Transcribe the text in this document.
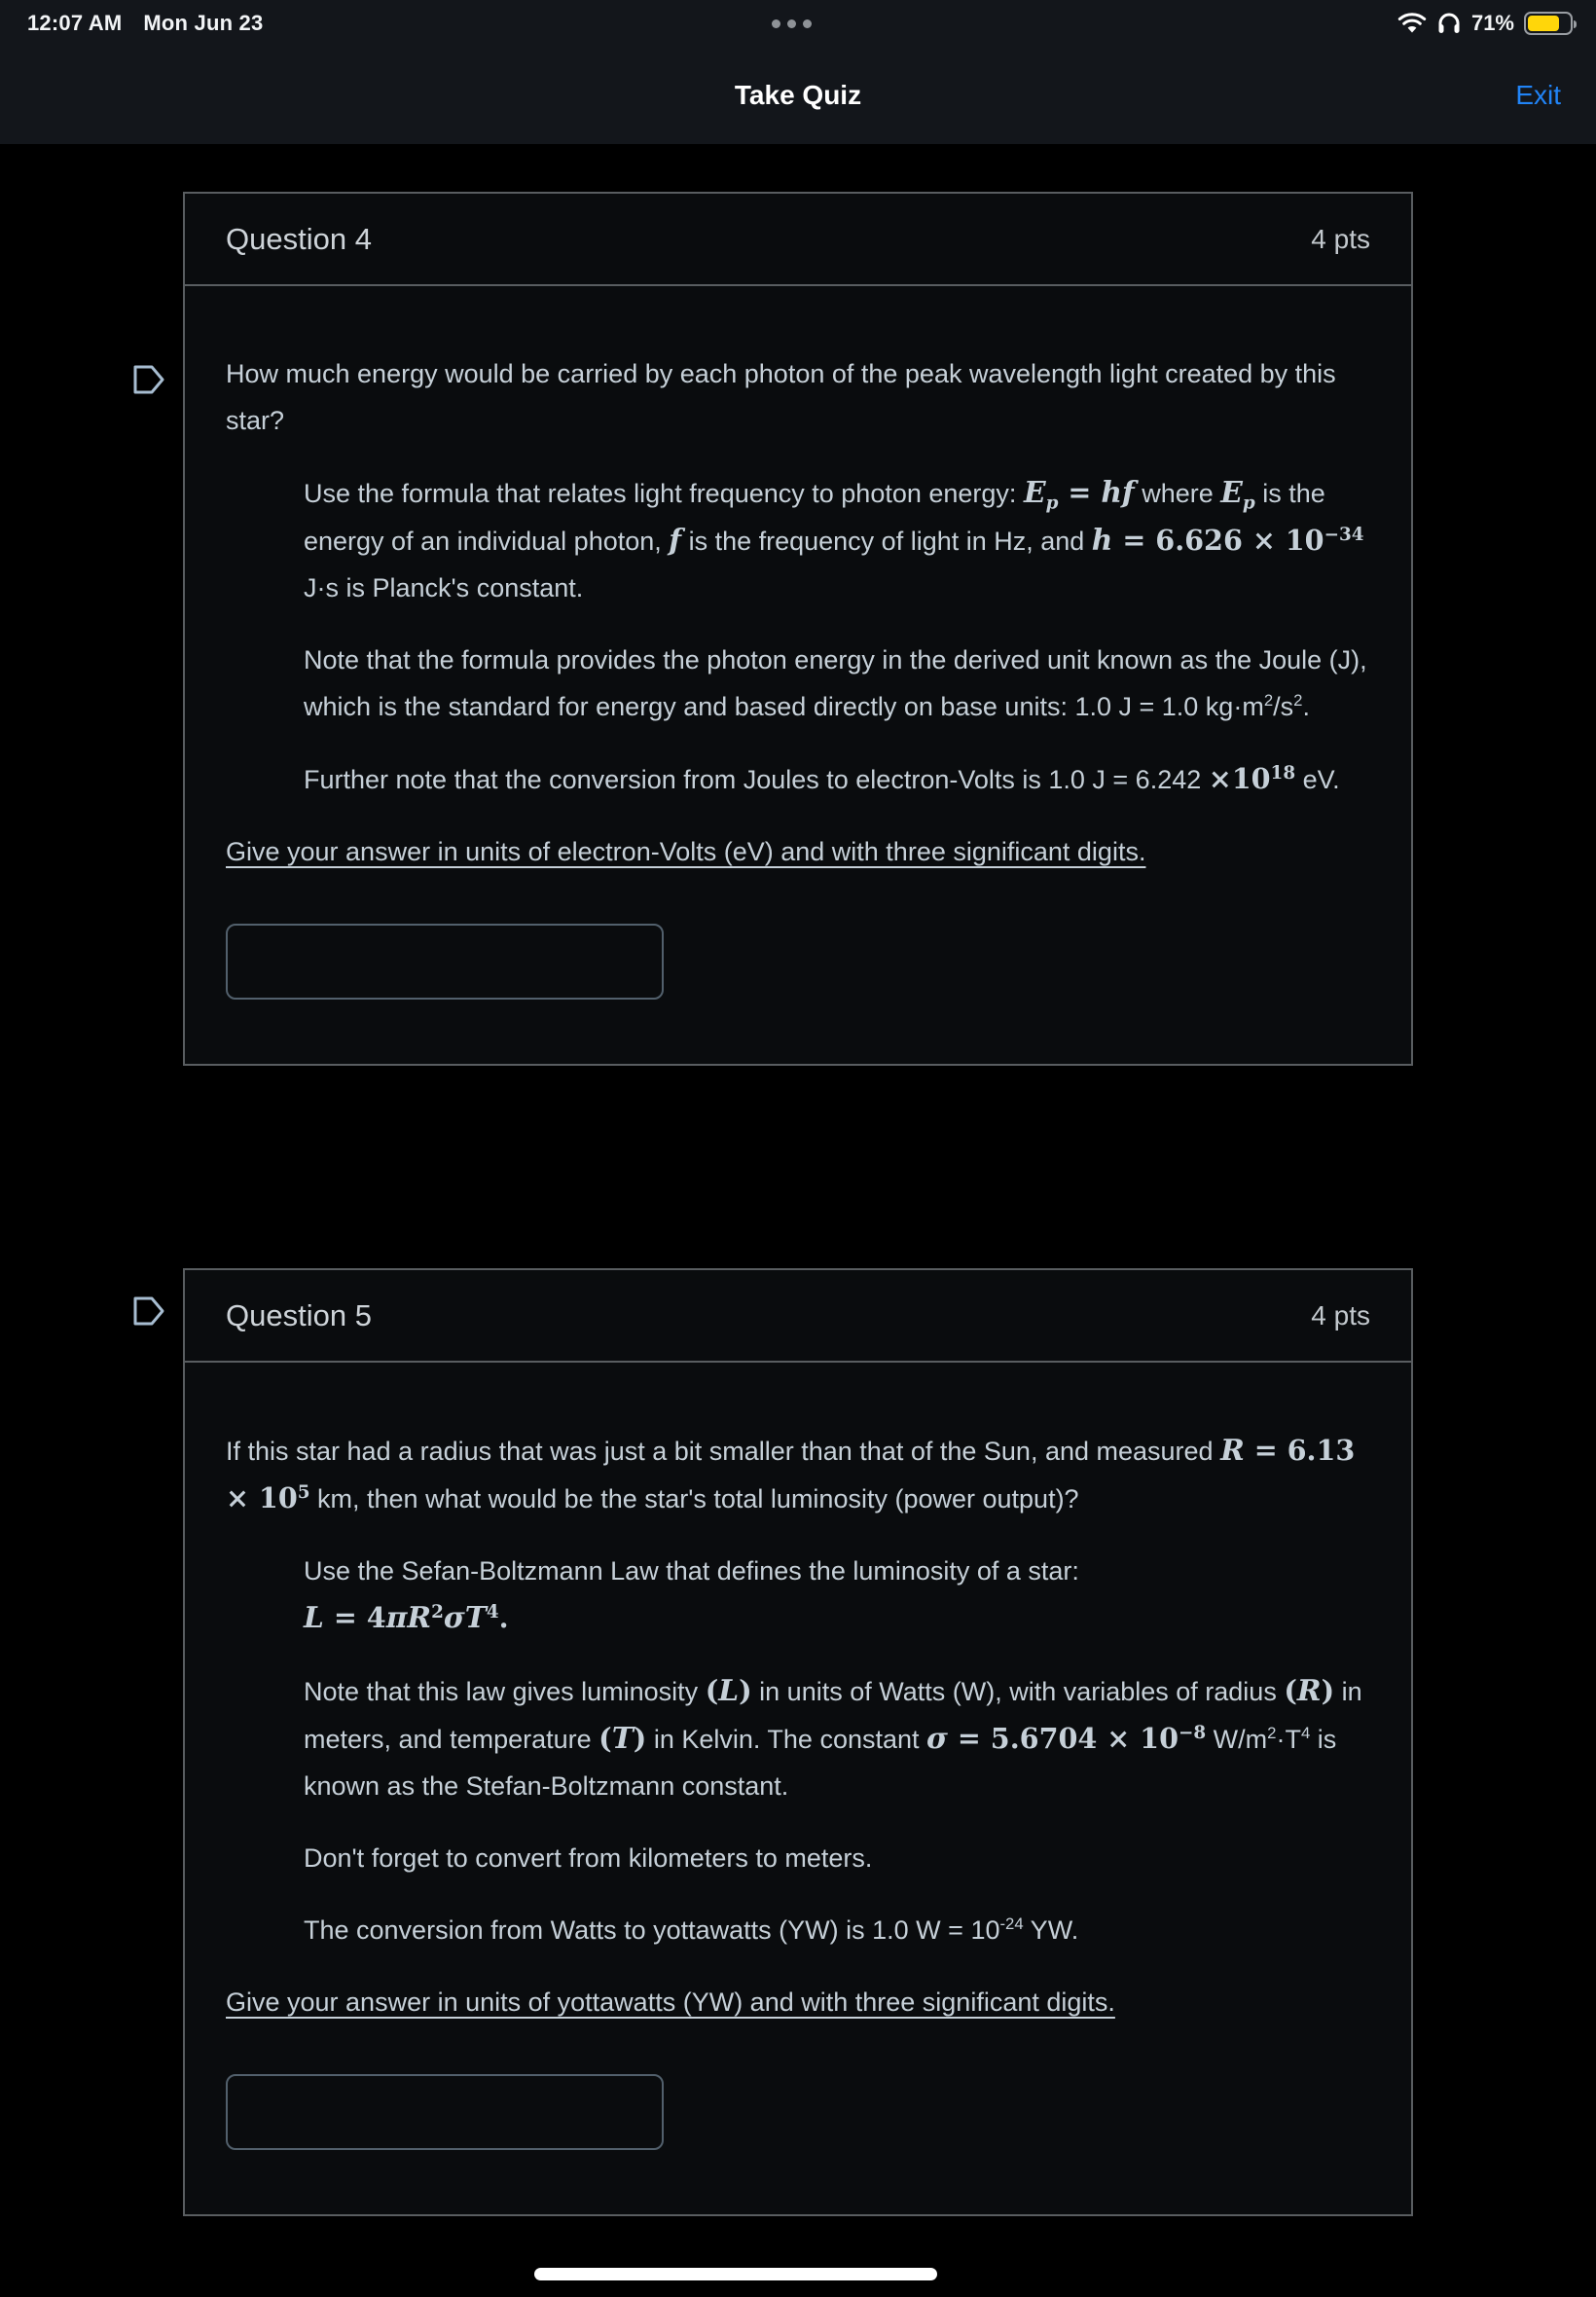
12:07 AM Mon Jun 23	71%
Take Quiz	Exit
Question 4	4 pts

How much energy would be carried by each photon of the peak wavelength light created by this star?

Use the formula that relates light frequency to photon energy: $E_p$ = hf where $E_p$ is the energy of an individual photon, f is the frequency of light in Hz, and $h = 6.626 \times 10^{-34}$ J·s is Planck's constant.

Note that the formula provides the photon energy in the derived unit known as the Joule (J), which is the standard for energy and based directly on base units: 1.0 J = 1.0 $kg\cdot m^2/s^2$.

Further note that the conversion from Joules to electron-Volts is 1.0 $J = 6.242 \times 10^{18}$ eV.

Give your answer in units of electron-Volts (eV) and with three significant digits.

Question 5	4 pts

If this star had a radius that was just a bit smaller than that of the Sun, and measured $R = 6.13 \times 10^5$ km, then what would be the star's total luminosity (power output)?

Use the Sefan-Boltzmann Law that defines the luminosity of a star:
$L = 4\pi R^2\sigma T^4$.

Note that this law gives luminosity (L) in units of Watts (W), with variables of radius (R) in meters, and temperature (T) in Kelvin. The constant $\sigma = 5.6704 \times 10^{-8}$ $W/m^2\cdot T^4$ is known as the Stefan-Boltzmann constant.

Don't forget to convert from kilometers to meters.

The conversion from Watts to yottawatts (YW) is 1.0 $W = 10^{-24}$ YW.

Give your answer in units of yottawatts (YW) and with three significant digits.
